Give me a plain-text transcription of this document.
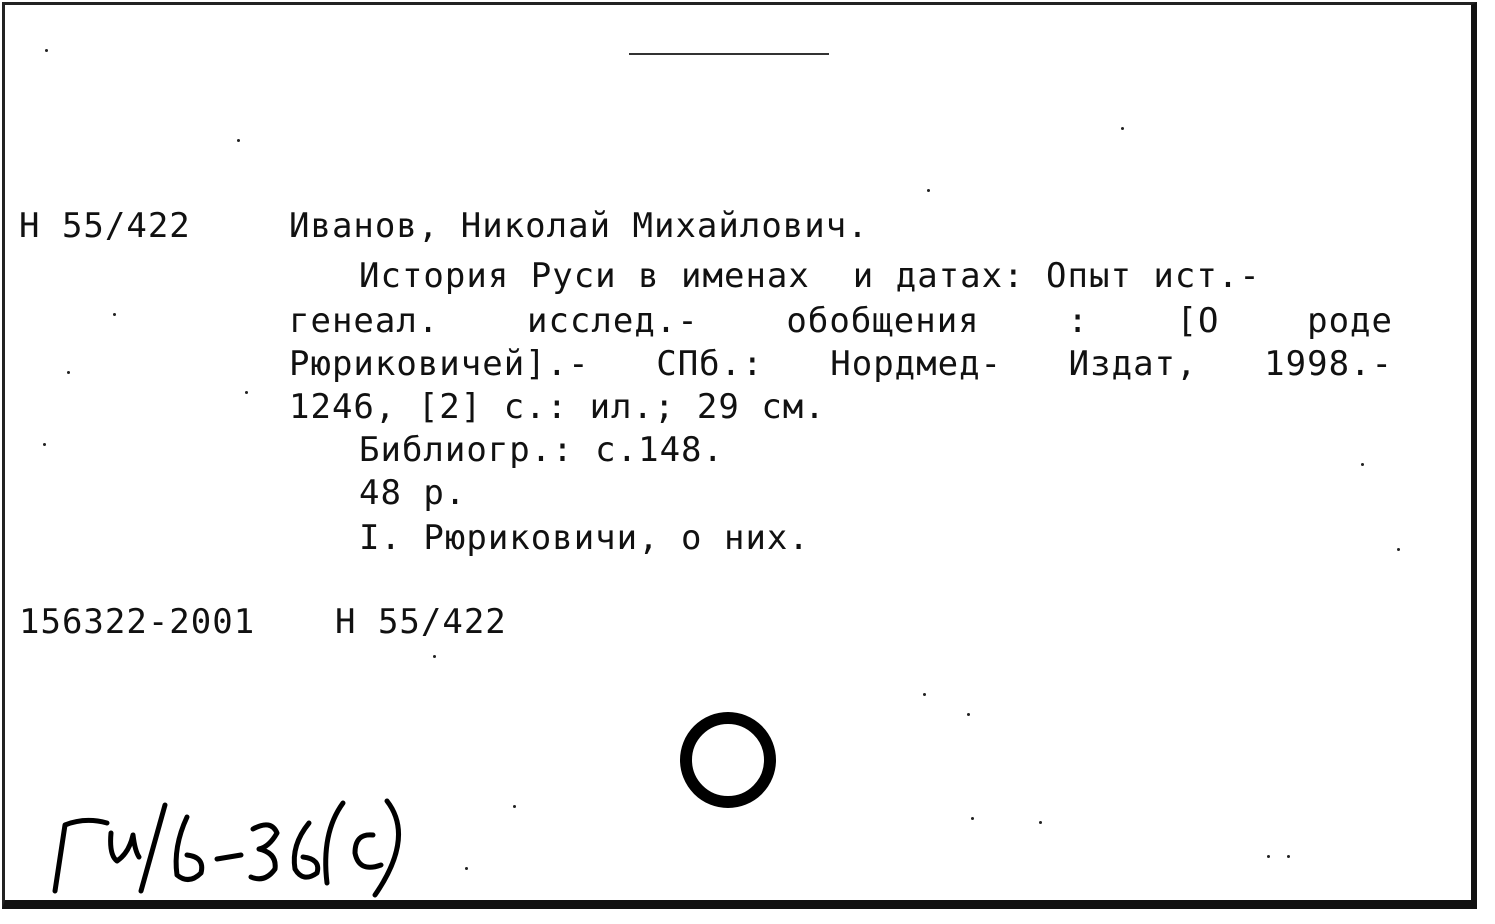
Н 55/422	Иванов, Николай Михайлович.
История Руси в именах  и датах: Опыт ист.-
генеал.	исслед.-	обобщения	:	[О	роде
Рюриковичей].- СПб.: Нордмед- Издат, 1998.-
1246, [2] с.: ил.; 29 см.
Библиогр.: с.148.
48 р.
I. Рюриковичи, о них.
156322-2001 Н 55/422
